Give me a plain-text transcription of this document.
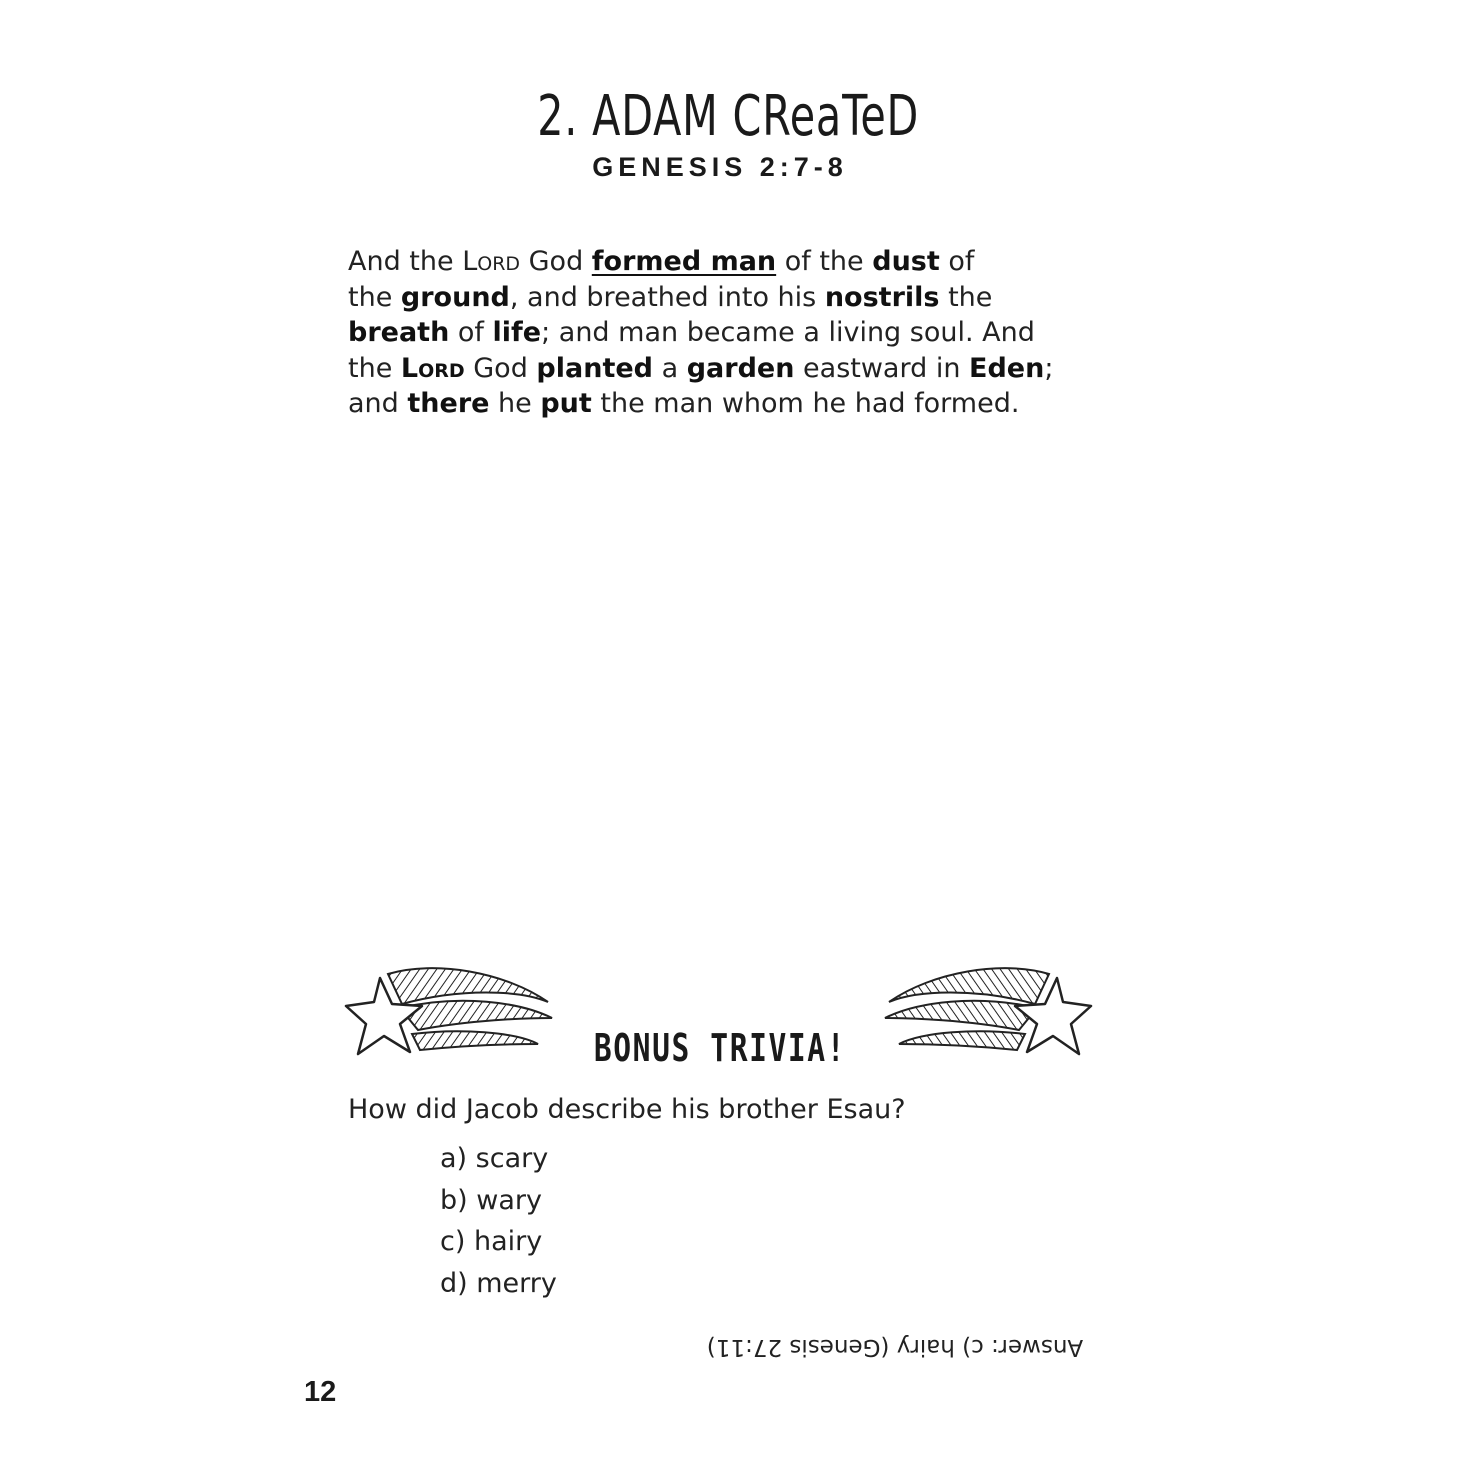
2. ADAM CReaTeD
GENESIS 2:7-8
And the Lord God formed man of the dust of
the ground, and breathed into his nostrils the
breath of life; and man became a living soul. And
the Lord God planted a garden eastward in Eden;
and there he put the man whom he had formed.
BONUS TRIVIA!
How did Jacob describe his brother Esau?
a) scary
b) wary
c) hairy
d) merry
Answer: c) hairy (Genesis 27:11)
12
